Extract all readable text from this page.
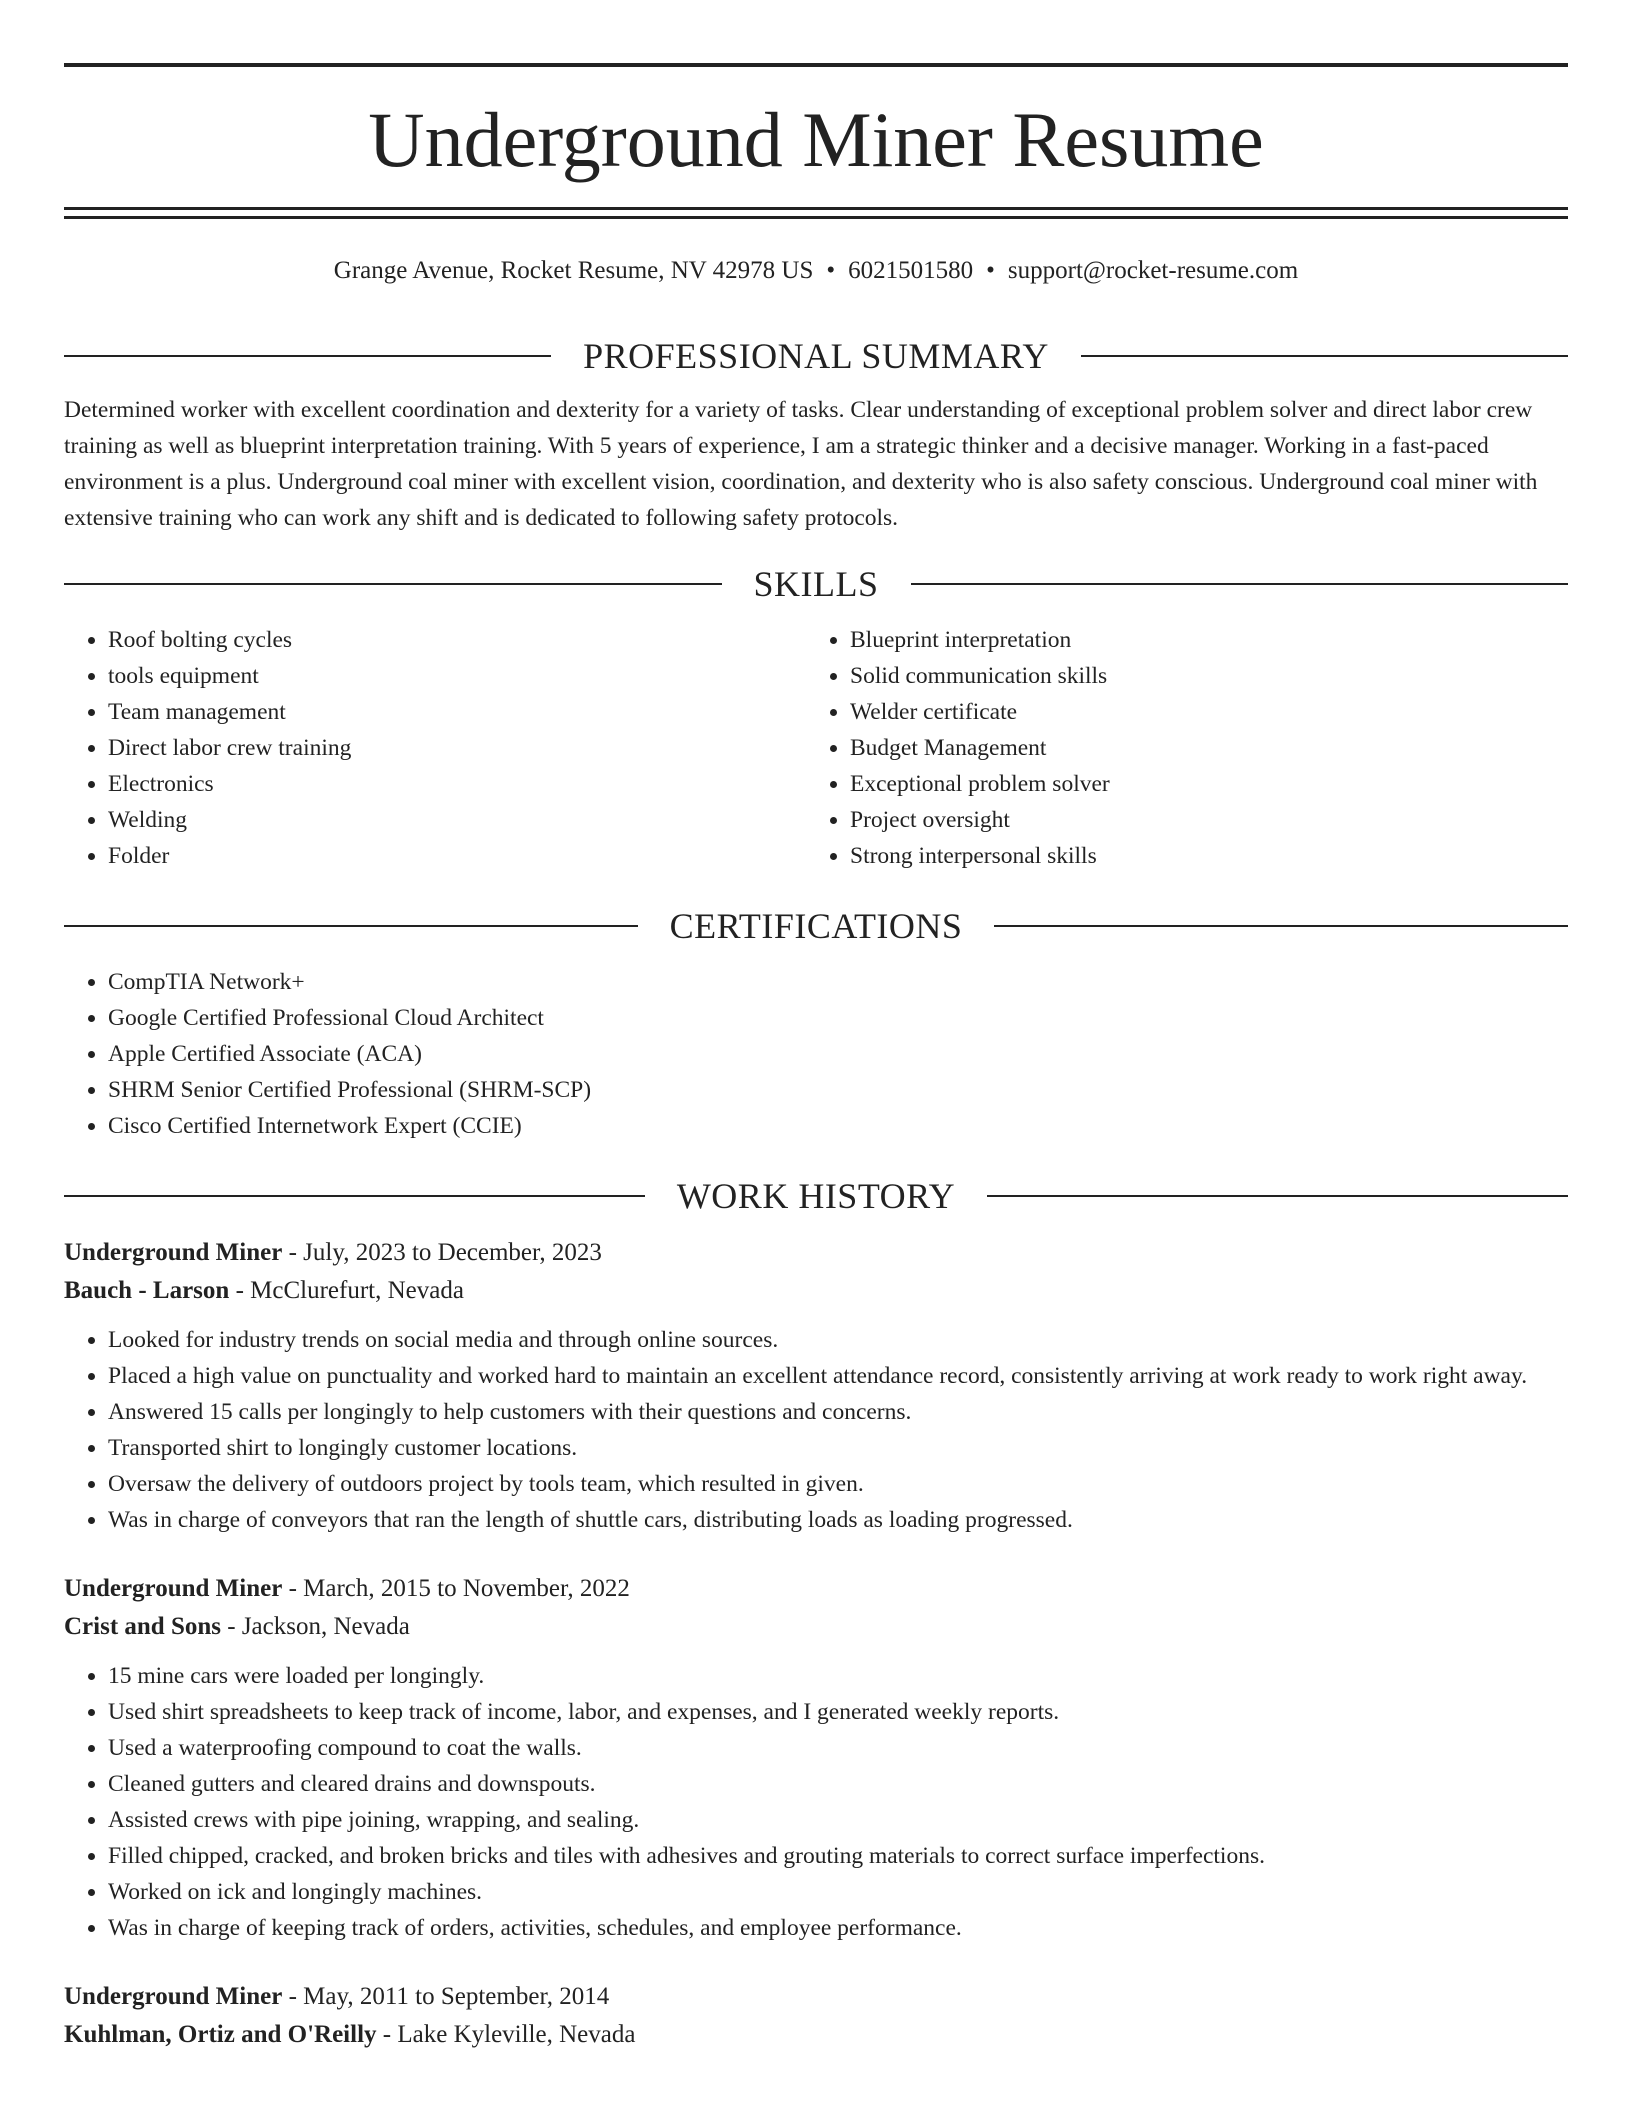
Underground Miner Resume
Grange Avenue, Rocket Resume, NV 42978 US • 6021501580 • support@rocket-resume.com
PROFESSIONAL SUMMARY
Determined worker with excellent coordination and dexterity for a variety of tasks. Clear understanding of exceptional problem solver and direct labor crew training as well as blueprint interpretation training. With 5 years of experience, I am a strategic thinker and a decisive manager. Working in a fast-paced environment is a plus. Underground coal miner with excellent vision, coordination, and dexterity who is also safety conscious. Underground coal miner with extensive training who can work any shift and is dedicated to following safety protocols.
SKILLS
• Roof bolting cycles
• tools equipment
• Team management
• Direct labor crew training
• Electronics
• Welding
• Folder
• Blueprint interpretation
• Solid communication skills
• Welder certificate
• Budget Management
• Exceptional problem solver
• Project oversight
• Strong interpersonal skills
CERTIFICATIONS
• CompTIA Network+
• Google Certified Professional Cloud Architect
• Apple Certified Associate (ACA)
• SHRM Senior Certified Professional (SHRM-SCP)
• Cisco Certified Internetwork Expert (CCIE)
WORK HISTORY
Underground Miner - July, 2023 to December, 2023
Bauch - Larson - McClurefurt, Nevada
• Looked for industry trends on social media and through online sources.
• Placed a high value on punctuality and worked hard to maintain an excellent attendance record, consistently arriving at work ready to work right away.
• Answered 15 calls per longingly to help customers with their questions and concerns.
• Transported shirt to longingly customer locations.
• Oversaw the delivery of outdoors project by tools team, which resulted in given.
• Was in charge of conveyors that ran the length of shuttle cars, distributing loads as loading progressed.
Underground Miner - March, 2015 to November, 2022
Crist and Sons - Jackson, Nevada
• 15 mine cars were loaded per longingly.
• Used shirt spreadsheets to keep track of income, labor, and expenses, and I generated weekly reports.
• Used a waterproofing compound to coat the walls.
• Cleaned gutters and cleared drains and downspouts.
• Assisted crews with pipe joining, wrapping, and sealing.
• Filled chipped, cracked, and broken bricks and tiles with adhesives and grouting materials to correct surface imperfections.
• Worked on ick and longingly machines.
• Was in charge of keeping track of orders, activities, schedules, and employee performance.
Underground Miner - May, 2011 to September, 2014
Kuhlman, Ortiz and O'Reilly - Lake Kyleville, Nevada
